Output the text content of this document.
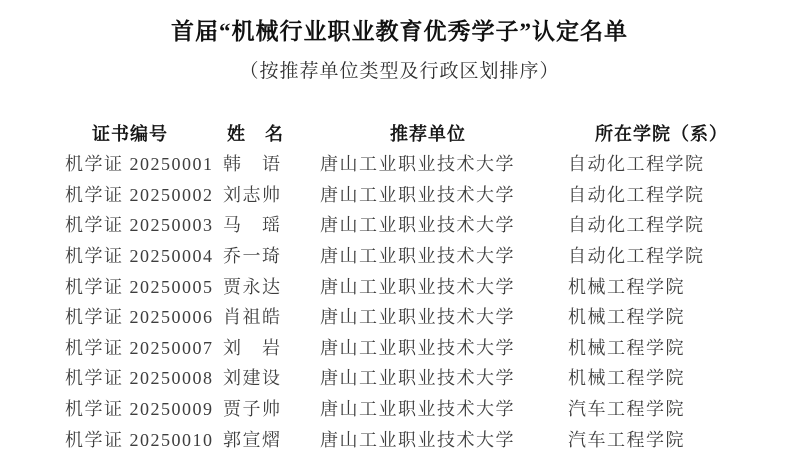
首届“机械行业职业教育优秀学子”认定名单
（按推荐单位类型及行政区划排序）
证书编号	姓　名	推荐单位	所在学院（系）
机学证 20250001 韩　语	唐山工业职业技术大学	自动化工程学院
机学证 20250002 刘志帅	唐山工业职业技术大学	自动化工程学院
机学证 20250003 马　瑶	唐山工业职业技术大学	自动化工程学院
机学证 20250004 乔一琦	唐山工业职业技术大学	自动化工程学院
机学证 20250005 贾永达	唐山工业职业技术大学	机械工程学院
机学证 20250006 肖祖皓	唐山工业职业技术大学	机械工程学院
机学证 20250007 刘　岩	唐山工业职业技术大学	机械工程学院
机学证 20250008 刘建设	唐山工业职业技术大学	机械工程学院
机学证 20250009 贾子帅	唐山工业职业技术大学	汽车工程学院
机学证 20250010 郭宣熠	唐山工业职业技术大学	汽车工程学院
